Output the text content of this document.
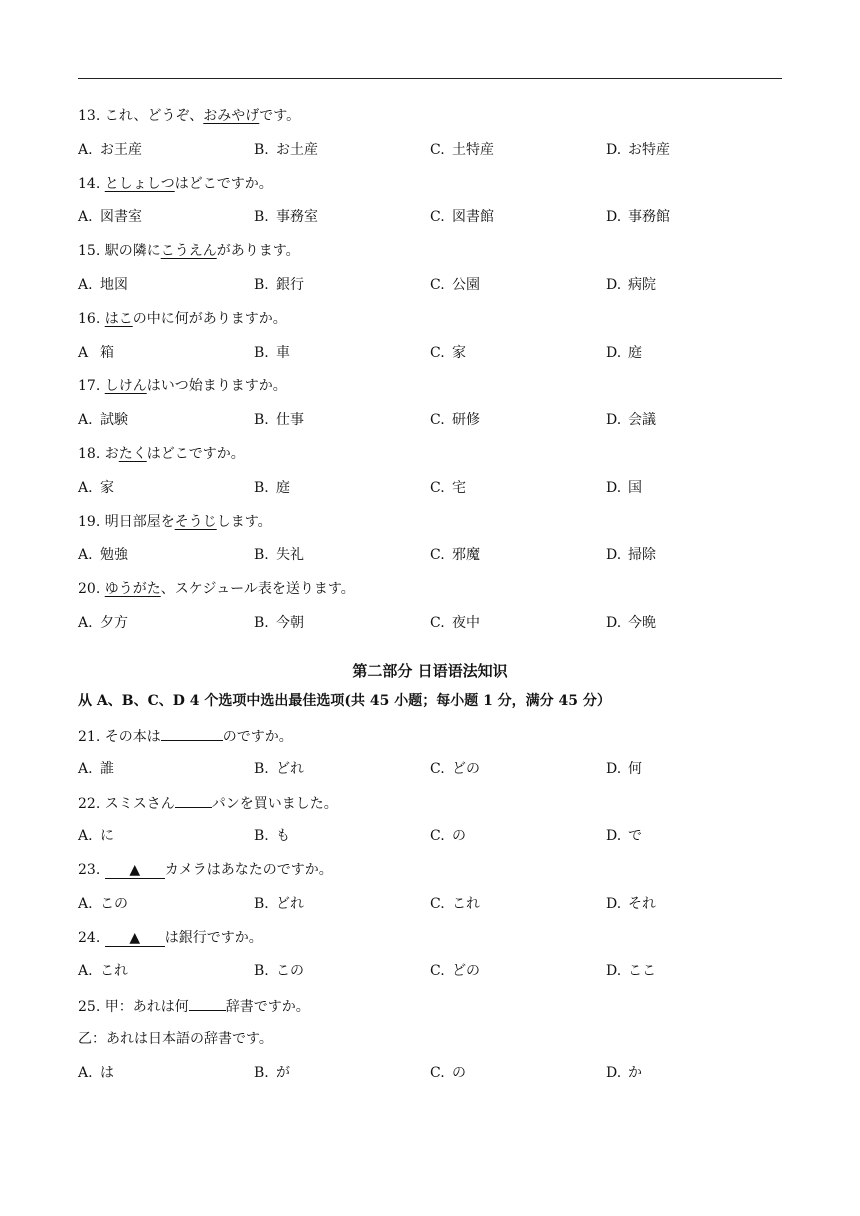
13. これ、どうぞ、おみやげです。
A. お王産	B. お土産	C. 土特産	D. お特産
14. としょしつはどこですか。
A. 図書室	B. 事務室	C. 図書館	D. 事務館
15. 駅の隣にこうえんがあります。
A. 地図	B. 銀行	C. 公園	D. 病院
16. はこの中に何がありますか。
A 箱	B. 車	C. 家	D. 庭
17. しけんはいつ始まりますか。
A. 試験	B. 仕事	C. 研修	D. 会議
18. おたくはどこですか。
A. 家	B. 庭	C. 宅	D. 国
19. 明日部屋をそうじします。
A. 勉強	B. 失礼	C. 邪魔	D. 掃除
20. ゆうがた、スケジュール表を送ります。
A. 夕方	B. 今朝	C. 夜中	D. 今晩
第二部分 日语语法知识
从 A、B、C、D 4 个选项中选出最佳选项(共 45 小题；每小题 1 分，满分 45 分）
21. その本は	のですか。
A. 誰	B. どれ	C. どの	D. 何
22. スミスさん	パンを買いました。
A. に	B. も	C. の	D. で
23. ▲ カメラはあなたのですか。
A. この	B. どれ	C. これ	D. それ
24. ▲ は銀行ですか。
A. これ	B. この	C. どの	D. ここ
25. 甲：あれは何	辞書ですか。
乙：あれは日本語の辞書です。
A. は	B. が	C. の	D. か
